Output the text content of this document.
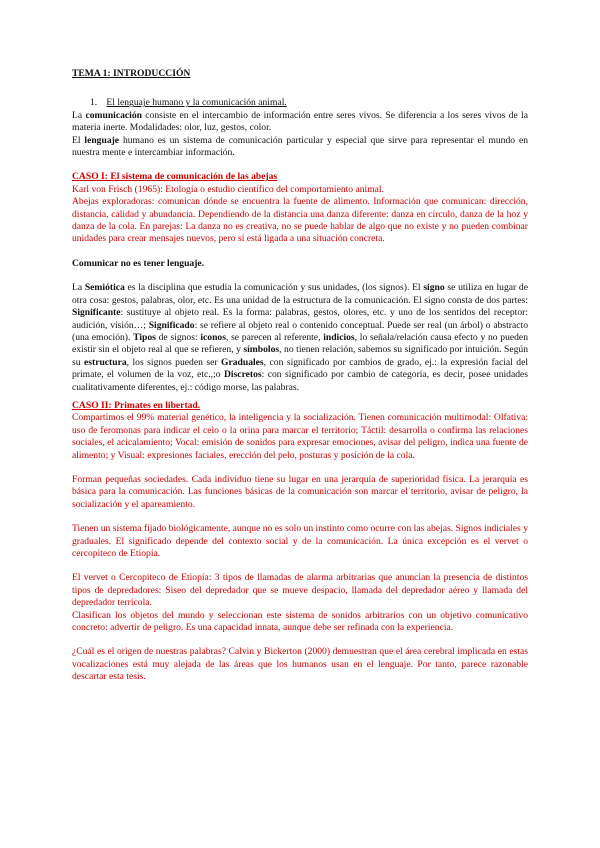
TEMA 1: INTRODUCCIÓN

1. El lenguaje humano y la comunicación animal.

La comunicación consiste en el intercambio de información entre seres vivos. Se diferencia a los seres vivos de la materia inerte. Modalidades: olor, luz, gestos, color.

El lenguaje humano es un sistema de comunicación particular y especial que sirve para representar el mundo en nuestra mente e intercambiar información.

CASO I: El sistema de comunicación de las abejas

Karl von Frisch (1965): Etología o estudio científico del comportamiento animal.

Abejas exploradoras: comunican dónde se encuentra la fuente de alimento. Información que comunican: dirección, distancia, calidad y abundancia. Dependiendo de la distancia una danza diferente: danza en círculo, danza de la hoz y danza de la cola. En parejas: La danza no es creativa, no se puede hablar de algo que no existe y no pueden combinar unidades para crear mensajes nuevos, pero sí está ligada a una situación concreta.

Comunicar no es tener lenguaje.

La Semiótica es la disciplina que estudia la comunicación y sus unidades, (los signos). El signo se utiliza en lugar de otra cosa: gestos, palabras, olor, etc. Es una unidad de la estructura de la comunicación. El signo consta de dos partes: Significante: sustituye al objeto real. Es la forma: palabras, gestos, olores, etc. y uno de los sentidos del receptor: audición, visión…; Significado: se refiere al objeto real o contenido conceptual. Puede ser real (un árbol) o abstracto (una emoción). Tipos de signos: iconos, se parecen al referente, indicios, lo señala/relación causa efecto y no pueden existir sin el objeto real al que se refieren, y símbolos, no tienen relación, sabemos su significado por intuición. Según su estructura, los signos pueden ser Graduales, con significado por cambios de grado, ej.: la expresión facial del primate, el volumen de la voz, etc.,;o Discretos: con significado por cambio de categoría, es decir, posee unidades cualitativamente diferentes, ej.: código morse, las palabras.

CASO II: Primates en libertad.

Compartimos el 99% material genético, la inteligencia y la socialización. Tienen comunicación multimodal: Olfativa: uso de feromonas para indicar el celo o la orina para marcar el territorio; Táctil: desarrolla o confirma las relaciones sociales, el acicalamiento; Vocal: emisión de sonidos para expresar emociones, avisar del peligro, indica una fuente de alimento; y Visual: expresiones faciales, erección del pelo, posturas y posición de la cola.

Forman pequeñas sociedades. Cada individuo tiene su lugar en una jerarquía de superioridad física. La jerarquía es básica para la comunicación. Las funciones básicas de la comunicación son marcar el territorio, avisar de peligro, la socialización y el apareamiento.

Tienen un sistema fijado biológicamente, aunque no es solo un instinto como ocurre con las abejas. Signos indiciales y graduales. El significado depende del contexto social y de la comunicación. La única excepción es el vervet o cercopiteco de Etiopía.

El vervet o Cercopiteco de Etiopía: 3 tipos de llamadas de alarma arbitrarias que anuncian la presencia de distintos tipos de depredadores: Siseo del depredador que se mueve despacio, llamada del depredador aéreo y llamada del depredador terrícola.

Clasifican los objetos del mundo y seleccionan este sistema de sonidos arbitrarios con un objetivo comunicativo concreto: advertir de peligro. Es una capacidad innata, aunque debe ser refinada con la experiencia.

¿Cuál es el origen de nuestras palabras? Calvin y Bickerton (2000) demuestran que el área cerebral implicada en estas vocalizaciones está muy alejada de las áreas que los humanos usan en el lenguaje. Por tanto, parece razonable descartar esta tesis.
